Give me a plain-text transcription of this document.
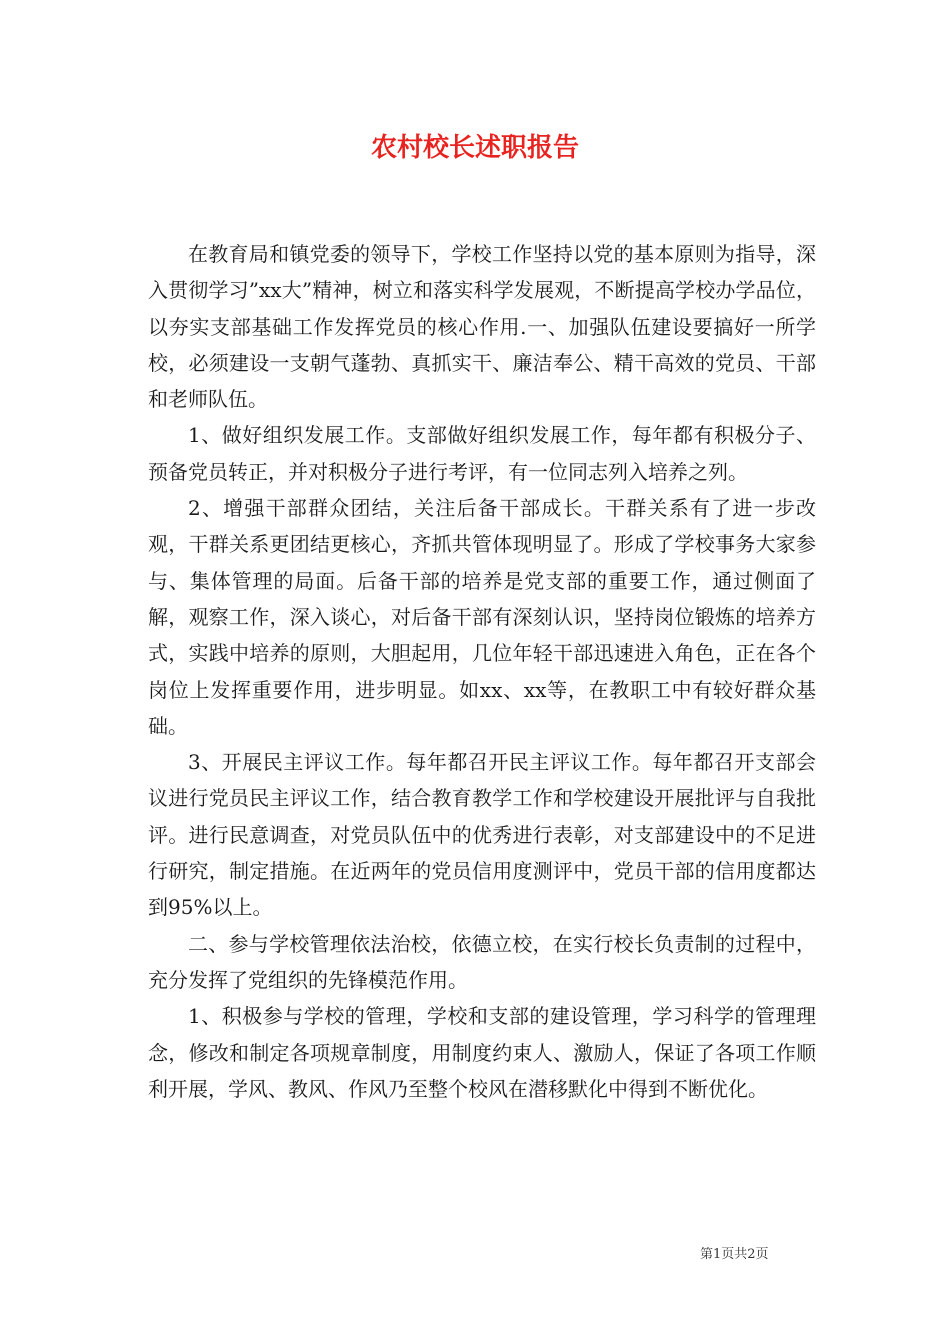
农村校长述职报告

在教育局和镇党委的领导下，学校工作坚持以党的基本原则为指导，深入贯彻学习”xx大”精神，树立和落实科学发展观，不断提高学校办学品位，以夯实支部基础工作发挥党员的核心作用.一、加强队伍建设要搞好一所学校，必须建设一支朝气蓬勃、真抓实干、廉洁奉公、精干高效的党员、干部和老师队伍。

1、做好组织发展工作。支部做好组织发展工作，每年都有积极分子、预备党员转正，并对积极分子进行考评，有一位同志列入培养之列。

2、增强干部群众团结，关注后备干部成长。干群关系有了进一步改观，干群关系更团结更核心，齐抓共管体现明显了。形成了学校事务大家参与、集体管理的局面。后备干部的培养是党支部的重要工作，通过侧面了解，观察工作，深入谈心，对后备干部有深刻认识，坚持岗位锻炼的培养方式，实践中培养的原则，大胆起用，几位年轻干部迅速进入角色，正在各个岗位上发挥重要作用，进步明显。如xx、xx等，在教职工中有较好群众基础。

3、开展民主评议工作。每年都召开民主评议工作。每年都召开支部会议进行党员民主评议工作，结合教育教学工作和学校建设开展批评与自我批评。进行民意调查，对党员队伍中的优秀进行表彰，对支部建设中的不足进行研究，制定措施。在近两年的党员信用度测评中，党员干部的信用度都达到95%以上。

二、参与学校管理依法治校，依德立校，在实行校长负责制的过程中，充分发挥了党组织的先锋模范作用。

1、积极参与学校的管理，学校和支部的建设管理，学习科学的管理理念，修改和制定各项规章制度，用制度约束人、激励人，保证了各项工作顺利开展，学风、教风、作风乃至整个校风在潜移默化中得到不断优化。

第1页共2页
